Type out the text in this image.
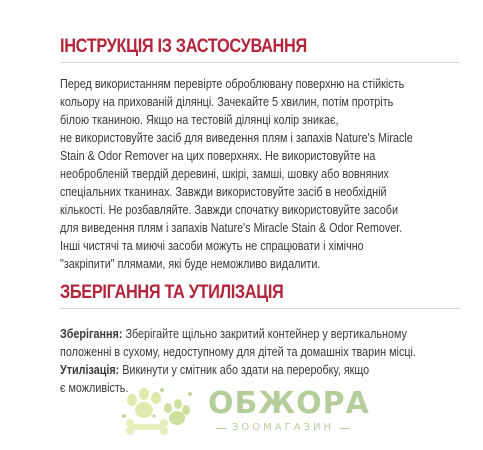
ІНСТРУКЦІЯ ІЗ ЗАСТОСУВАННЯ
Перед використанням перевірте оброблювану поверхню на стійкість
кольору на прихованій ділянці. Зачекайте 5 хвилин, потім протріть
білою тканиною. Якщо на тестовій ділянці колір зникає,
не використовуйте засіб для виведення плям і запахів Nature's Miracle
Stain & Odor Remover на цих поверхнях. Не використовуйте на
необробленій твердій деревині, шкірі, замші, шовку або вовняних
спеціальних тканинах. Завжди використовуйте засіб в необхідній
кількості. Не розбавляйте. Завжди спочатку використовуйте засоби
для виведення плям і запахів Nature's Miracle Stain & Odor Remover.
Інші чистячі та миючі засоби можуть не спрацювати і хімічно
"закріпити" плямами, які буде неможливо видалити.
ЗБЕРІГАННЯ ТА УТИЛІЗАЦІЯ
Зберігання: Зберігайте щільно закритий контейнер у вертикальному
положенні в сухому, недоступному для дітей та домашніх тварин місці.
Утилізація: Викинути у смітник або здати на переробку, якщо
є можливість.	ОБЖОРА
ЗООМАГАЗИН
